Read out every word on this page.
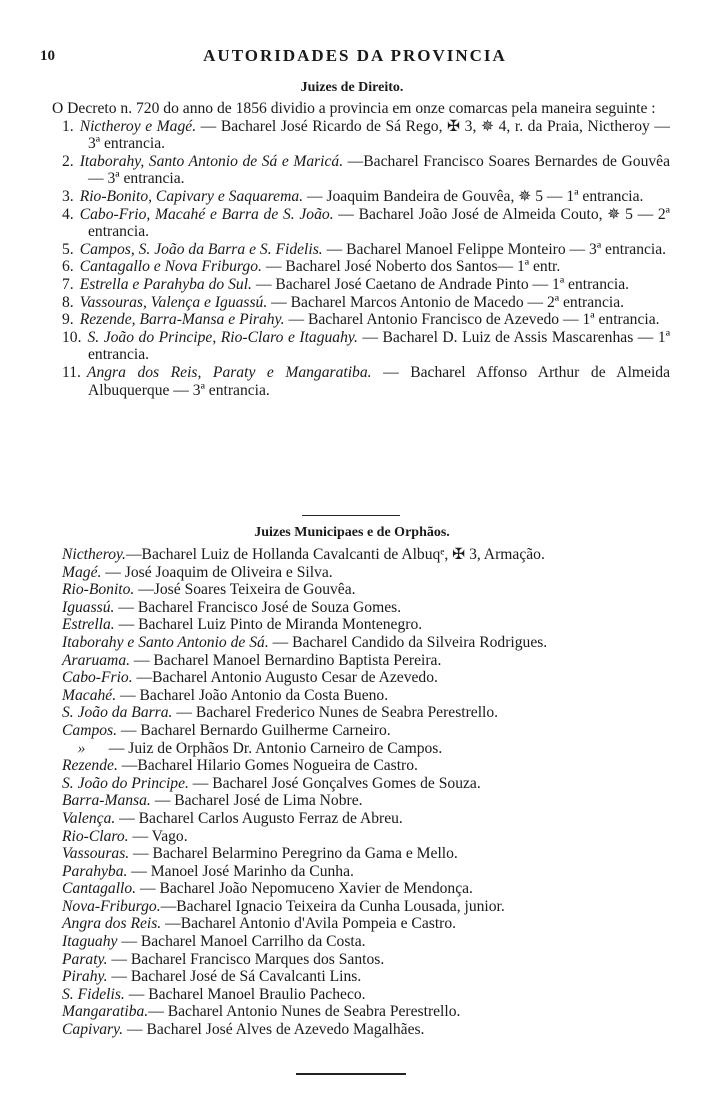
10	AUTORIDADES DA PROVINCIA
Juizes de Direito.
O Decreto n. 720 do anno de 1856 dividio a provincia em onze comarcas pela maneira seguinte :
1. Nictheroy e Magé. — Bacharel José Ricardo de Sá Rego, ✠ 3, ✵ 4, r. da Praia, Nictheroy — 3ª entrancia.
2. Itaborahy, Santo Antonio de Sá e Maricá. —Bacharel Francisco Soares Bernardes de Gouvêa — 3ª entrancia.
3. Rio-Bonito, Capivary e Saquarema. — Joaquim Bandeira de Gouvêa, ✵ 5 — 1ª entrancia.
4. Cabo-Frio, Macahé e Barra de S. João. — Bacharel João José de Almeida Couto, ✵ 5 — 2ª entrancia.
5. Campos, S. João da Barra e S. Fidelis. — Bacharel Manoel Felippe Monteiro — 3ª entrancia.
6. Cantagallo e Nova Friburgo. — Bacharel José Noberto dos Santos— 1ª entr.
7. Estrella e Parahyba do Sul. — Bacharel José Caetano de Andrade Pinto — 1ª entrancia.
8. Vassouras, Valença e Iguassú. — Bacharel Marcos Antonio de Macedo — 2ª entrancia.
9. Rezende, Barra-Mansa e Pirahy. — Bacharel Antonio Francisco de Azevedo — 1ª entrancia.
10. S. João do Principe, Rio-Claro e Itaguahy. — Bacharel D. Luiz de Assis Mascarenhas — 1ª entrancia.
11. Angra dos Reis, Paraty e Mangaratiba. — Bacharel Affonso Arthur de Almeida Albuquerque — 3ª entrancia.
Juizes Municipaes e de Orphãos.
Nictheroy.—Bacharel Luiz de Hollanda Cavalcanti de Albuqᵉ, ✠ 3, Armação.
Magé. — José Joaquim de Oliveira e Silva.
Rio-Bonito. —José Soares Teixeira de Gouvêa.
Iguassú. — Bacharel Francisco José de Souza Gomes.
Estrella. — Bacharel Luiz Pinto de Miranda Montenegro.
Itaborahy e Santo Antonio de Sá. — Bacharel Candido da Silveira Rodrigues.
Araruama. — Bacharel Manoel Bernardino Baptista Pereira.
Cabo-Frio. —Bacharel Antonio Augusto Cesar de Azevedo.
Macahé. — Bacharel João Antonio da Costa Bueno.
S. João da Barra. — Bacharel Frederico Nunes de Seabra Perestrello.
Campos. — Bacharel Bernardo Guilherme Carneiro.
»      — Juiz de Orphãos Dr. Antonio Carneiro de Campos.
Rezende. —Bacharel Hilario Gomes Nogueira de Castro.
S. João do Principe. — Bacharel José Gonçalves Gomes de Souza.
Barra-Mansa. — Bacharel José de Lima Nobre.
Valença. — Bacharel Carlos Augusto Ferraz de Abreu.
Rio-Claro. — Vago.
Vassouras. — Bacharel Belarmino Peregrino da Gama e Mello.
Parahyba. — Manoel José Marinho da Cunha.
Cantagallo. — Bacharel João Nepomuceno Xavier de Mendonça.
Nova-Friburgo.—Bacharel Ignacio Teixeira da Cunha Lousada, junior.
Angra dos Reis. —Bacharel Antonio d'Avila Pompeia e Castro.
Itaguahy — Bacharel Manoel Carrilho da Costa.
Paraty. — Bacharel Francisco Marques dos Santos.
Pirahy. — Bacharel José de Sá Cavalcanti Lins.
S. Fidelis. — Bacharel Manoel Braulio Pacheco.
Mangaratiba.— Bacharel Antonio Nunes de Seabra Perestrello.
Capivary. — Bacharel José Alves de Azevedo Magalhães.
